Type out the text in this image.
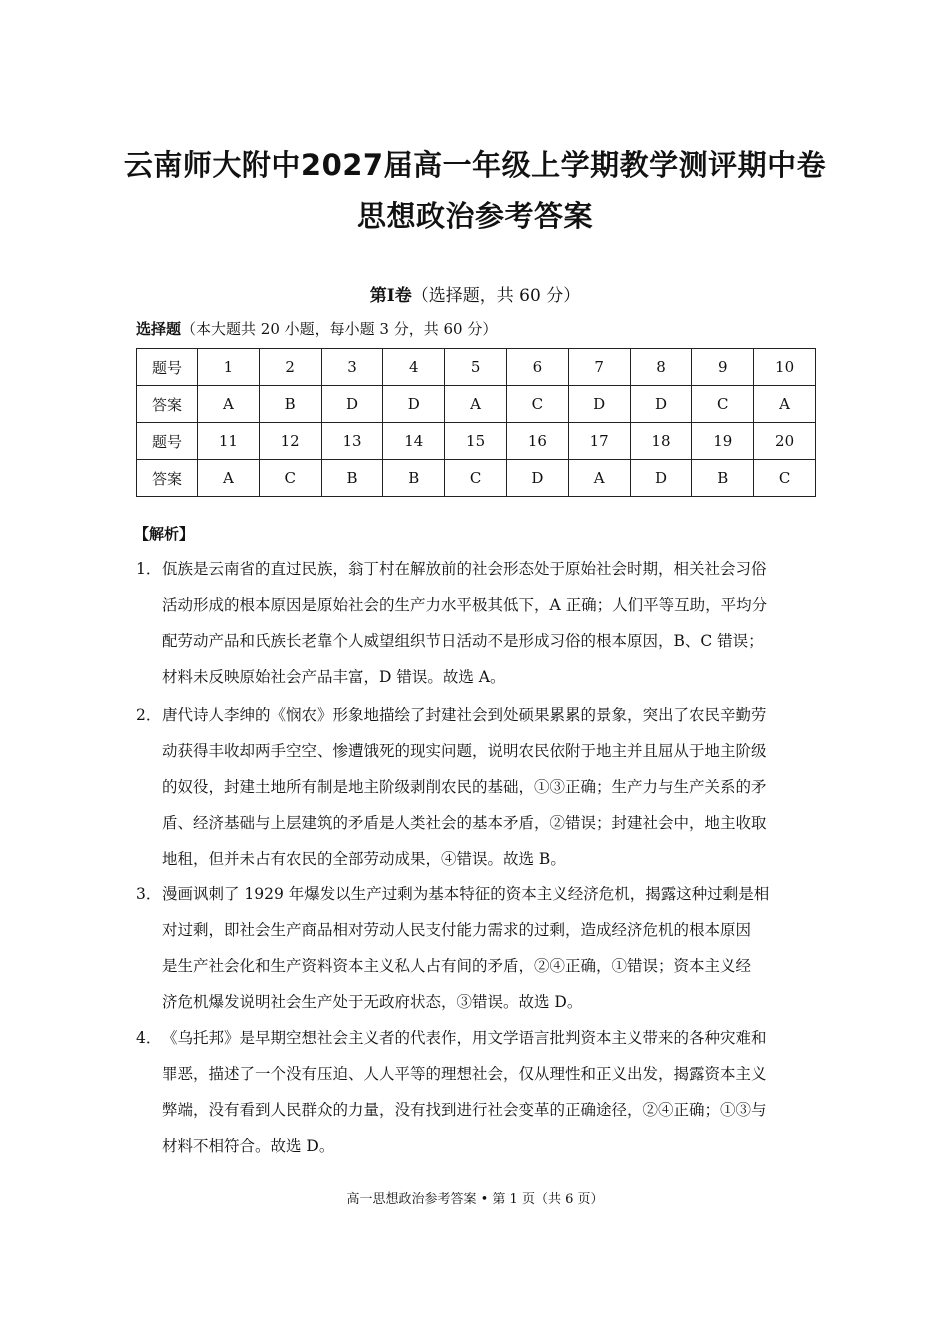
云南师大附中2027届高一年级上学期教学测评期中卷
思想政治参考答案
第Ⅰ卷（选择题，共 60 分）
选择题（本大题共 20 小题，每小题 3 分，共 60 分）
题号	1	2	3	4	5	6	7	8	9	10
答案	A	B	D	D	A	C	D	D	C	A
题号	11	12	13	14	15	16	17	18	19	20
答案	A	C	B	B	C	D	A	D	B	C
【解析】
1． 佤族是云南省的直过民族，翁丁村在解放前的社会形态处于原始社会时期，相关社会习俗
活动形成的根本原因是原始社会的生产力水平极其低下，A 正确；人们平等互助，平均分
配劳动产品和氏族长老靠个人威望组织节日活动不是形成习俗的根本原因，B、C 错误；
材料未反映原始社会产品丰富，D 错误。故选 A。
2． 唐代诗人李绅的《悯农》形象地描绘了封建社会到处硕果累累的景象，突出了农民辛勤劳
动获得丰收却两手空空、惨遭饿死的现实问题，说明农民依附于地主并且屈从于地主阶级
的奴役，封建土地所有制是地主阶级剥削农民的基础，①③正确；生产力与生产关系的矛
盾、经济基础与上层建筑的矛盾是人类社会的基本矛盾，②错误；封建社会中，地主收取
地租，但并未占有农民的全部劳动成果，④错误。故选 B。
3． 漫画讽刺了 1929 年爆发以生产过剩为基本特征的资本主义经济危机，揭露这种过剩是相
对过剩，即社会生产商品相对劳动人民支付能力需求的过剩，造成经济危机的根本原因
是生产社会化和生产资料资本主义私人占有间的矛盾，②④正确，①错误；资本主义经
济危机爆发说明社会生产处于无政府状态，③错误。故选 D。
4． 《乌托邦》是早期空想社会主义者的代表作，用文学语言批判资本主义带来的各种灾难和
罪恶，描述了一个没有压迫、人人平等的理想社会，仅从理性和正义出发，揭露资本主义
弊端，没有看到人民群众的力量，没有找到进行社会变革的正确途径，②④正确；①③与
材料不相符合。故选 D。
高一思想政治参考答案 • 第 1 页（共 6 页）
